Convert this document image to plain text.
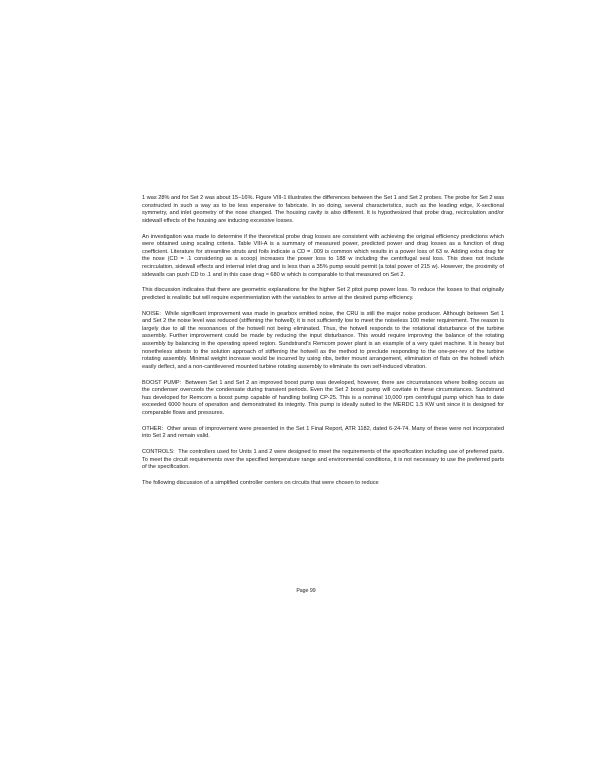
1 was 28% and for Set 2 was about 15–16%. Figure VIII-1 illustrates the differences between the Set 1 and Set 2 probes. The probe for Set 2 was constructed in such a way as to be less expensive to fabricate. In so doing, several characteristics, such as the leading edge, X-sectional symmetry, and inlet geometry of the nose changed. The housing cavity is also different. It is hypothesized that probe drag, recirculation and/or sidewall effects of the housing are inducing excessive losses.

An investigation was made to determine if the theoretical probe drag losses are consistent with achieving the original efficiency predictions which were obtained using scaling criteria. Table VIII-A is a summary of measured power, predicted power and drag losses as a function of drag coefficient. Literature for streamline struts and foils indicate a CD = .009 is common which results in a power loss of 63 w. Adding extra drag for the nose (CD = .1 considering as a scoop) increases the power loss to 188 w including the centrifugal seal loss. This does not include recirculation, sidewall effects and internal inlet drag and is less than a 35% pump would permit (a total power of 215 w). However, the proximity of sidewalls can push CD to .1 and in this case drag ≈ 680 w which is comparable to that measured on Set 2.

This discussion indicates that there are geometric explanations for the higher Set 2 pitot pump power loss. To reduce the losses to that originally predicted is realistic but will require experimentation with the variables to arrive at the desired pump efficiency.

NOISE: While significant improvement was made in gearbox emitted noise, the CRU is still the major noise producer. Although between Set 1 and Set 2 the noise level was reduced (stiffening the hotwell); it is not sufficiently low to meet the noiseless 100 meter requirement. The reason is largely due to all the resonances of the hotwell not being eliminated. Thus, the hotwell responds to the rotational disturbance of the turbine assembly. Further improvement could be made by reducing the input disturbance. This would require improving the balance of the rotating assembly by balancing in the operating speed region. Sundstrand's Remcom power plant is an example of a very quiet machine. It is heavy but nonetheless attests to the solution approach of stiffening the hotwell as the method to preclude responding to the one-per-rev of the turbine rotating assembly. Minimal weight increase would be incurred by using ribs, better mount arrangement, elimination of flats on the hotwell which easily deflect, and a non-cantilevered mounted turbine rotating assembly to eliminate its own self-induced vibration.

BOOST PUMP: Between Set 1 and Set 2 an improved boost pump was developed, however, there are circumstances where boiling occurs as the condenser overcools the condensate during transient periods. Even the Set 2 boost pump will cavitate in these circumstances. Sundstrand has developed for Remcom a boost pump capable of handling boiling CP-25. This is a nominal 10,000 rpm centrifugal pump which has to date exceeded 6000 hours of operation and demonstrated its integrity. This pump is ideally suited to the MERDC 1.5 KW unit since it is designed for comparable flows and pressures.

OTHER: Other areas of improvement were presented in the Set 1 Final Report, ATR 1182, dated 6-24-74. Many of these were not incorporated into Set 2 and remain valid.

CONTROLS: The controllers used for Units 1 and 2 were designed to meet the requirements of the specification including use of preferred parts. To meet the circuit requirements over the specified temperature range and environmental conditions, it is not necessary to use the preferred parts of the specification.

The following discussion of a simplified controller centers on circuits that were chosen to reduce

Page 99
